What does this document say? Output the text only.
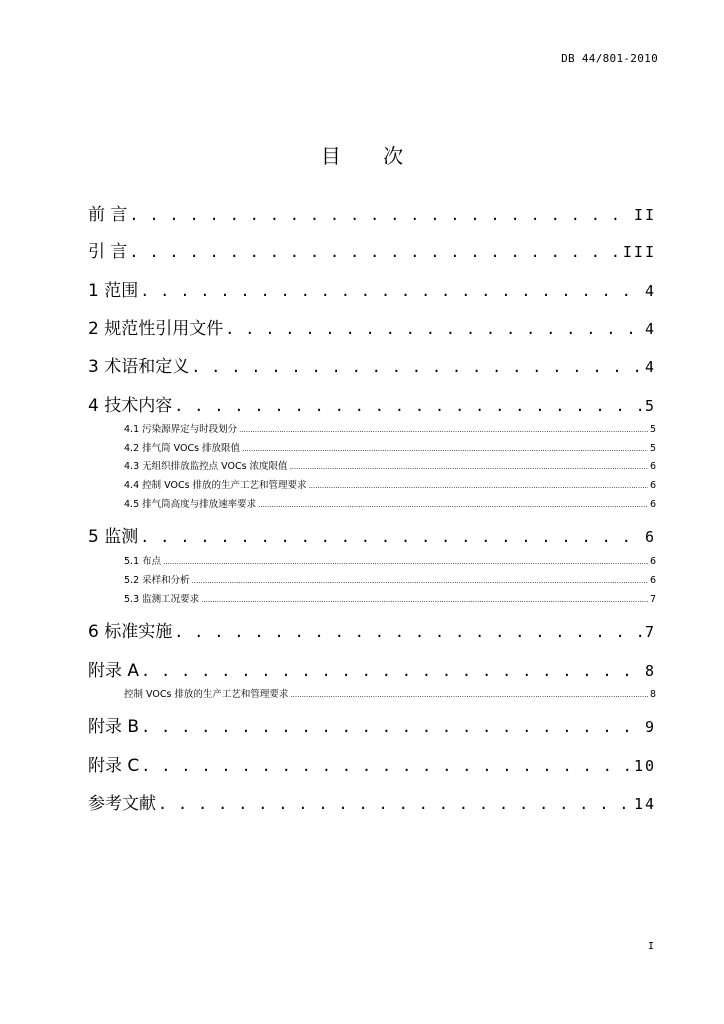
DB 44/801-2010
目 次
前 言 . . .	II
引 言 . . .	III
1 范围 . . .	4
2 规范性引用文件 . . .	4
3 术语和定义 . . .	4
4 技术内容 . . .	5
4.1 污染源界定与时段划分 .....	5
4.2 排气筒 VOCs 排放限值 .....	5
4.3 无组织排放监控点 VOCs 浓度限值 .....	6
4.4 控制 VOCs 排放的生产工艺和管理要求 .....	6
4.5 排气筒高度与排放速率要求 .....	6
5 监测 . . .	6
5.1 布点 .....	6
5.2 采样和分析 .....	6
5.3 监测工况要求 .....	7
6 标准实施 . . .	7
附录 A . . .	8
控制 VOCs 排放的生产工艺和管理要求 .....	8
附录 B . . .	9
附录 C . . .	10
参考文献 . . .	14
I
